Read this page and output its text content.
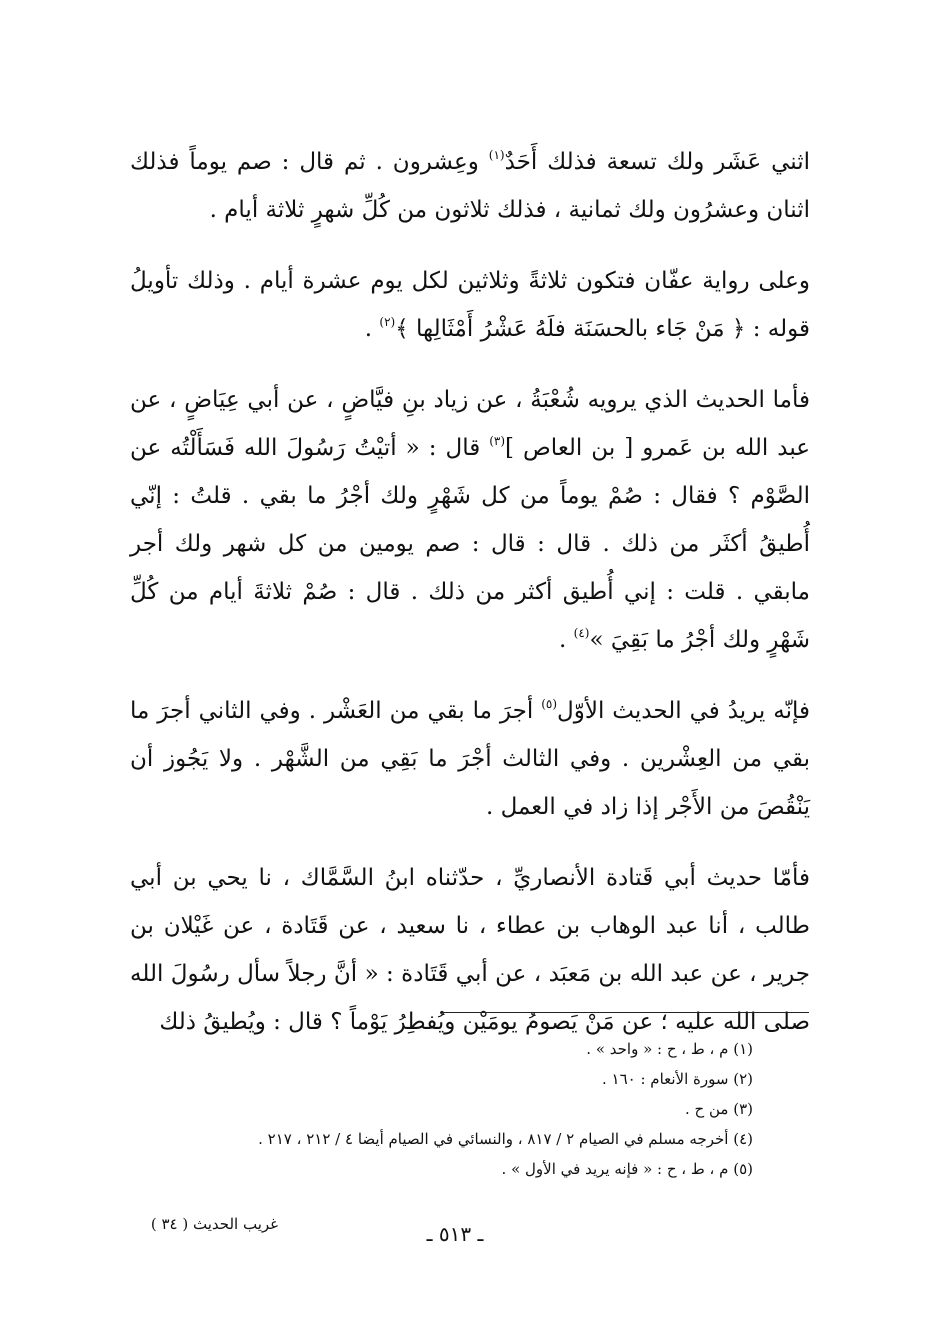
اثني عَشَر ولك تسعة فذلك أَحَدٌ$^{(١)}$ وعِشرون . ثم قال : صم يوماً فذلك اثنان وعشرُون ولك ثمانية ، فذلك ثلاثون من كُلِّ شهرٍ ثلاثة أيام .

وعلى رواية عفّان فتكون ثلاثةً وثلاثين لكل يوم عشرة أيام . وذلك تأويلُ قوله : ﴿ مَنْ جَاء بالحسَنَة فلَهُ عَشْرُ أَمْثَالِها ﴾$^{(٢)}$ .

فأما الحديث الذي يرويه شُعْبَةُ ، عن زياد بنِ فيَّاضٍ ، عن أبي عِيَاضٍ ، عن عبد الله بن عَمرو [ بن العاص ]$^{(٣)}$ قال : « أتيْتُ رَسُولَ الله فَسَأَلْتُه عن الصَّوْم ؟ فقال : صُمْ يوماً من كل شَهْرٍ ولك أجْرُ ما بقي . قلتُ : إنّي أُطيقُ أكثَر من ذلك . قال : قال : صم يومين من كل شهر ولك أجر مابقي . قلت : إني أُطيق أكثر من ذلك . قال : صُمْ ثلاثةَ أيام من كُلِّ شَهْرٍ ولك أجْرُ ما بَقِيَ »$^{(٤)}$ .

فإنّه يريدُ في الحديث الأوّل$^{(٥)}$ أجرَ ما بقي من العَشْر . وفي الثاني أجرَ ما بقي من العِشْرين . وفي الثالث أجْرَ ما بَقِي من الشَّهْر . ولا يَجُوز أن يَنْقُصَ من الأَجْر إذا زاد في العمل .

فأمّا حديث أبي قَتادة الأنصاريِّ ، حدّثناه ابنُ السَّمَّاك ، نا يحي بن أبي طالب ، أنا عبد الوهاب بن عطاء ، نا سعيد ، عن قَتَادة ، عن غَيْلان بن جرير ، عن عبد الله بن مَعبَد ، عن أبي قَتَادة : « أنَّ رجلاً سأل رسُولَ الله صلى الله عليه ؛ عن مَنْ يَصومُ يومَيْن ويُفطِرُ يَوْماً ؟ قال : ويُطيقُ ذلك

(١) م ، ط ، ح : « واحد » .
(٢) سورة الأنعام : ١٦٠ .
(٣) من ح .
(٤) أخرجه مسلم في الصيام ٢ / ٨١٧ ، والنسائي في الصيام أيضا ٤ / ٢١٢ ، ٢١٧ .
(٥) م ، ط ، ح : « فإنه يريد في الأول » .
غريب الحديث ( ٣٤ )	ـ ٥١٣ ـ
